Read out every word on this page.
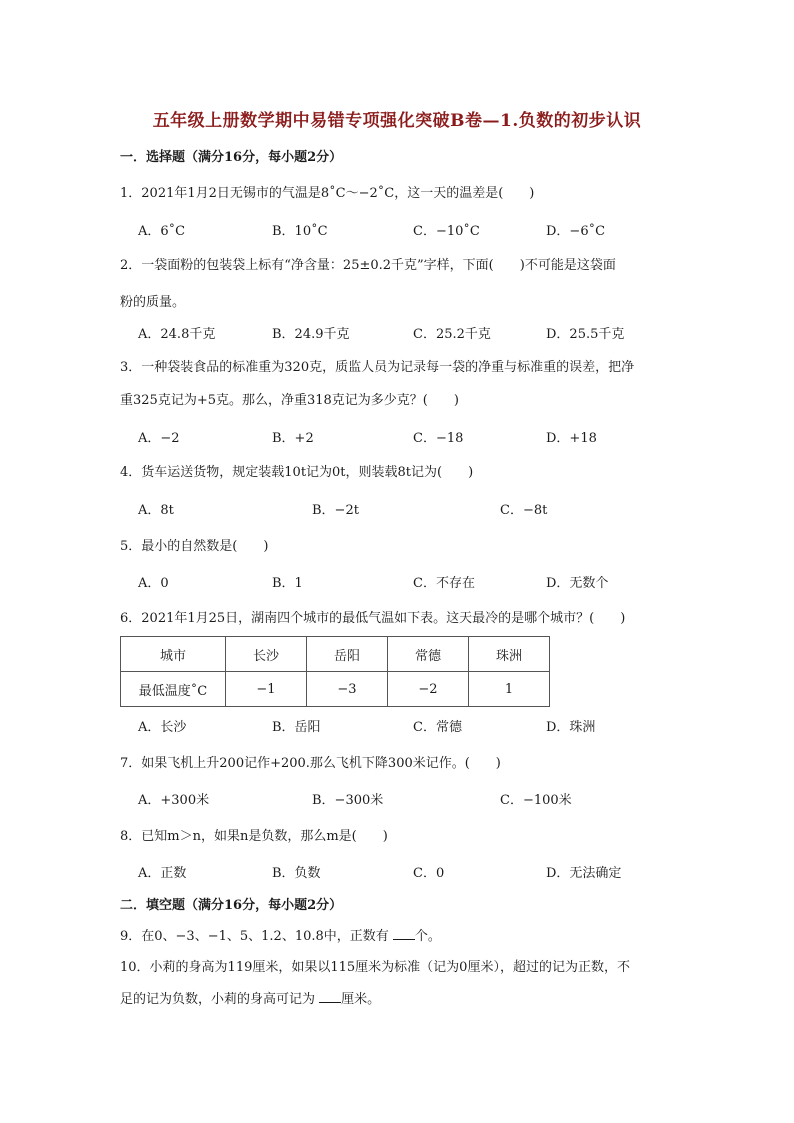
五年级上册数学期中易错专项强化突破B卷—1.负数的初步认识
一．选择题（满分16分，每小题2分）
1．2021年1月2日无锡市的气温是8˚C～−2˚C，这一天的温差是(　　)
A．6˚C	B．10˚C	C．−10˚C	D．−6˚C
2．一袋面粉的包装袋上标有“净含量：25±0.2千克”字样，下面(　　)不可能是这袋面
粉的质量。
A．24.8千克	B．24.9千克	C．25.2千克	D．25.5千克
3．一种袋装食品的标准重为320克，质监人员为记录每一袋的净重与标准重的误差，把净
重325克记为+5克。那么，净重318克记为多少克？(　　)
A．−2	B．+2	C．−18	D．+18
4．货车运送货物，规定装载10t记为0t，则装载8t记为(　　)
A．8t	B．−2t	C．−8t
5．最小的自然数是(　　)
A．0	B．1	C．不存在	D．无数个
6．2021年1月25日，湖南四个城市的最低气温如下表。这天最冷的是哪个城市？(　　)
城市	长沙	岳阳	常德	珠洲
最低温度˚C	−1	−3	−2	1
A．长沙	B．岳阳	C．常德	D．珠洲
7．如果飞机上升200记作+200.那么飞机下降300米记作。(　　)
A．+300米	B．−300米	C．−100米
8．已知m＞n，如果n是负数，那么m是(　　)
A．正数	B．负数	C．0	D．无法确定
二．填空题（满分16分，每小题2分）
9．在0、−3、−1、5、1.2、10.8中，正数有 个。
10．小莉的身高为119厘米，如果以115厘米为标准（记为0厘米），超过的记为正数，不
足的记为负数，小莉的身高可记为 厘米。
